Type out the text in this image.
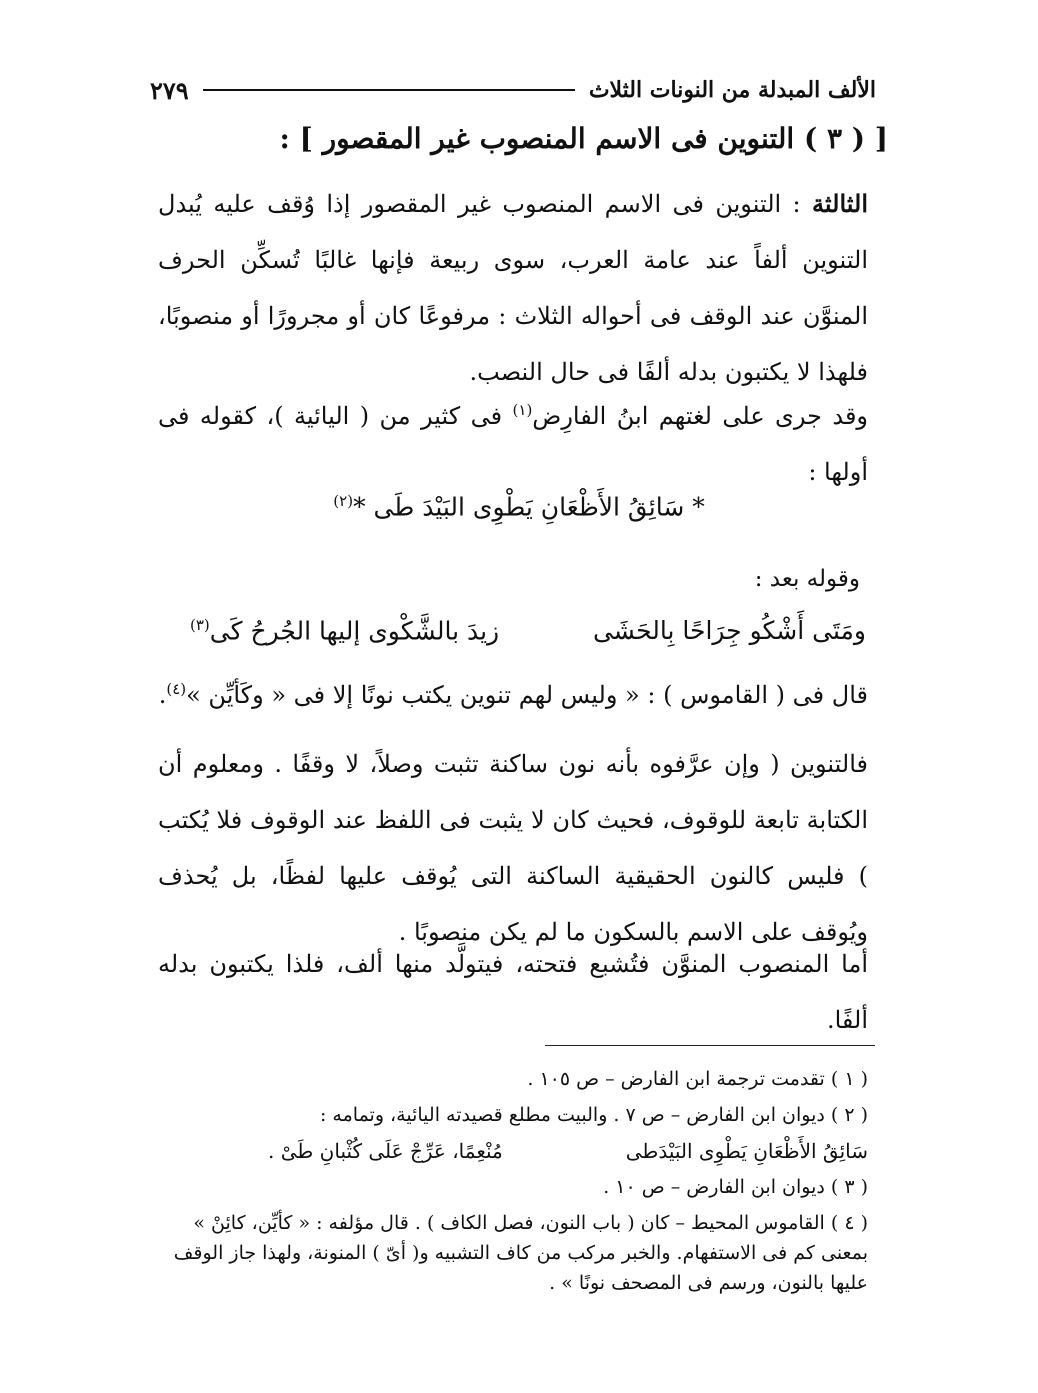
الألف المبدلة من النونات الثلاث
٢٧٩
[ ( ٣ ) التنوين فى الاسم المنصوب غير المقصور ] :
الثالثة : التنوين فى الاسم المنصوب غير المقصور إذا وُقف عليه يُبدل التنوين ألفاً عند عامة العرب، سوى ربيعة فإنها غالبًا تُسكِّن الحرف المنوَّن عند الوقف فى أحواله الثلاث : مرفوعًا كان أو مجرورًا أو منصوبًا، فلهذا لا يكتبون بدله ألفًا فى حال النصب.
وقد جرى على لغتهم ابنُ الفارِض$^{(١)}$ فى كثير من ( اليائية )، كقوله فى أولها :
* سَائِقُ الأَظْعَانِ يَطْوِى البَيْدَ طَى *$^{(٢)}$
وقوله بعد :
ومَتَى أَشْكُو جِرَاحًا بِالحَشَى
زيدَ بالشَّكْوى إليها الجُرحُ كَى$^{(٣)}$
قال فى ( القاموس ) : « وليس لهم تنوين يكتب نونًا إلا فى « وكَأيِّن »$^{(٤)}$.
فالتنوين ( وإن عرَّفوه بأنه نون ساكنة تثبت وصلاً، لا وقفًا . ومعلوم أن الكتابة تابعة للوقوف، فحيث كان لا يثبت فى اللفظ عند الوقوف فلا يُكتب ) فليس كالنون الحقيقية الساكنة التى يُوقف عليها لفظًا، بل يُحذف ويُوقف على الاسم بالسكون ما لم يكن منصوبًا .
أما المنصوب المنوَّن فتُشبع فتحته، فيتولَّد منها ألف، فلذا يكتبون بدله ألفًا.
( ١ ) تقدمت ترجمة ابن الفارض – ص ١٠٥ .
( ٢ ) ديوان ابن الفارض – ص ٧ . والبيت مطلع قصيدته اليائية، وتمامه :
سَائِقُ الأَظْعَانِ يَطْوِى البَيْدَطى
مُنْعِمًا، عَرِّجْ عَلَى كُثْبانِ طَىْ .
( ٣ ) ديوان ابن الفارض – ص ١٠ .
( ٤ ) القاموس المحيط – كان ( باب النون، فصل الكاف ) . قال مؤلفه : « كأيِّن، كائِنْ » بمعنى كم فى الاستفهام. والخبر مركب من كاف التشبيه و( أىّ ) المنونة، ولهذا جاز الوقف عليها بالنون، ورسم فى المصحف نونًا » .
